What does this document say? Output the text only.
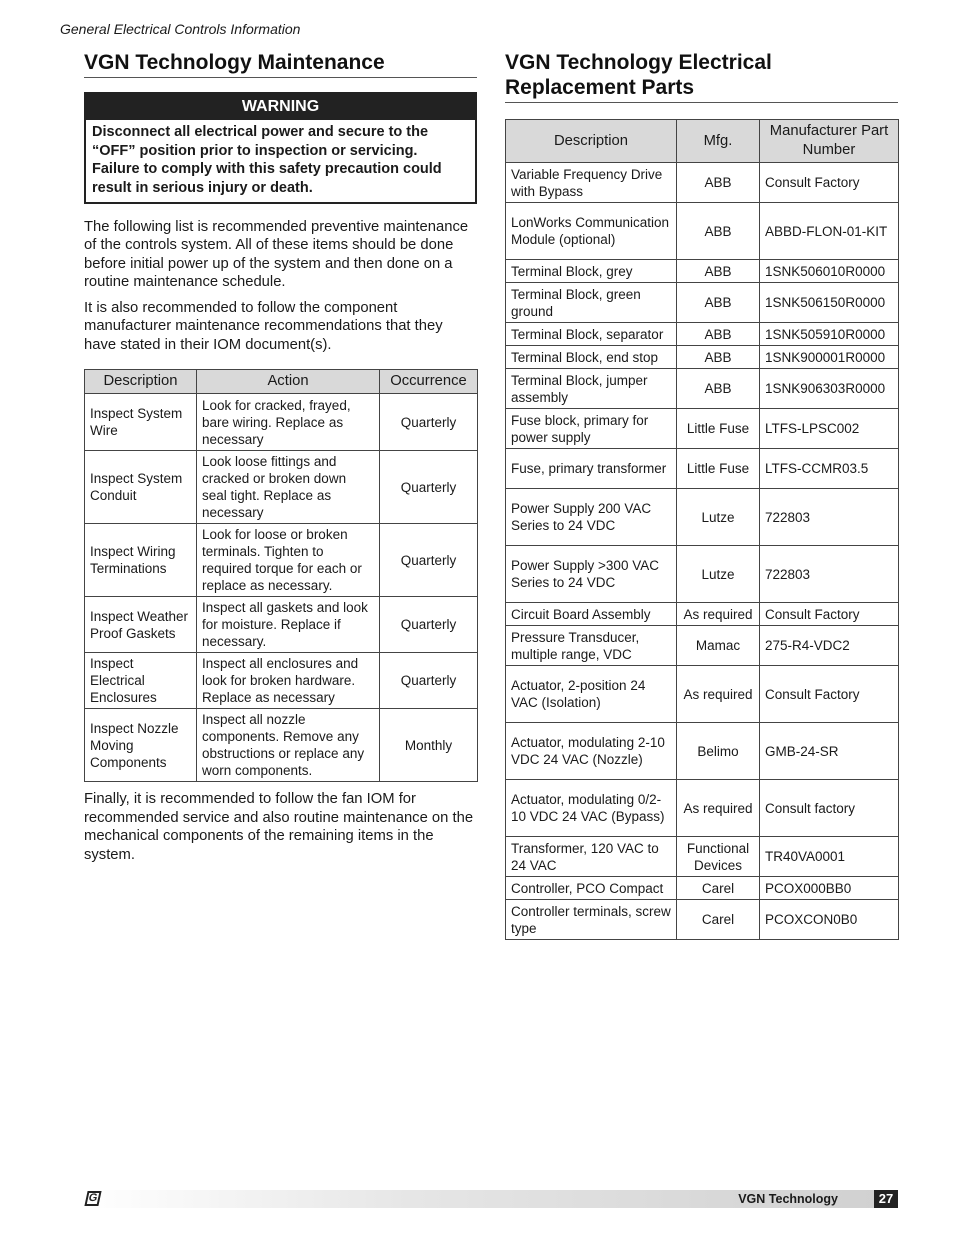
General Electrical Controls Information
VGN Technology Maintenance
WARNING
Disconnect all electrical power and secure to the “OFF” position prior to inspection or servicing. Failure to comply with this safety precaution could result in serious injury or death.

The following list is recommended preventive maintenance of the controls system. All of these items should be done before initial power up of the system and then done on a routine maintenance schedule.

It is also recommended to follow the component manufacturer maintenance recommendations that they have stated in their IOM document(s).

Description	Action	Occurrence
Inspect System Wire	Look for cracked, frayed, bare wiring. Replace as necessary	Quarterly
Inspect System Conduit	Look loose fittings and cracked or broken down seal tight. Replace as necessary	Quarterly
Inspect Wiring Terminations	Look for loose or broken terminals. Tighten to required torque for each or replace as necessary.	Quarterly
Inspect Weather Proof Gaskets	Inspect all gaskets and look for moisture. Replace if necessary.	Quarterly
Inspect Electrical Enclosures	Inspect all enclosures and look for broken hardware. Replace as necessary	Quarterly
Inspect Nozzle Moving Components	Inspect all nozzle components. Remove any obstructions or replace any worn components.	Monthly

Finally, it is recommended to follow the fan IOM for recommended service and also routine maintenance on the mechanical components of the remaining items in the system.

VGN Technology Electrical Replacement Parts
Description	Mfg.	Manufacturer Part Number
Variable Frequency Drive with Bypass	ABB	Consult Factory
LonWorks Communication Module (optional)	ABB	ABBD-FLON-01-KIT
Terminal Block, grey	ABB	1SNK506010R0000
Terminal Block, green ground	ABB	1SNK506150R0000
Terminal Block, separator	ABB	1SNK505910R0000
Terminal Block, end stop	ABB	1SNK900001R0000
Terminal Block, jumper assembly	ABB	1SNK906303R0000
Fuse block, primary for power supply	Little Fuse	LTFS-LPSC002
Fuse, primary transformer	Little Fuse	LTFS-CCMR03.5
Power Supply 200 VAC Series to 24 VDC	Lutze	722803
Power Supply >300 VAC Series to 24 VDC	Lutze	722803
Circuit Board Assembly	As required	Consult Factory
Pressure Transducer, multiple range, VDC	Mamac	275-R4-VDC2
Actuator, 2-position 24 VAC (Isolation)	As required	Consult Factory
Actuator, modulating 2-10 VDC 24 VAC (Nozzle)	Belimo	GMB-24-SR
Actuator, modulating 0/2-10 VDC 24 VAC (Bypass)	As required	Consult factory
Transformer, 120 VAC to 24 VAC	Functional Devices	TR40VA0001
Controller, PCO Compact	Carel	PCOX000BB0
Controller terminals, screw type	Carel	PCOXCON0B0
G	VGN Technology	27
